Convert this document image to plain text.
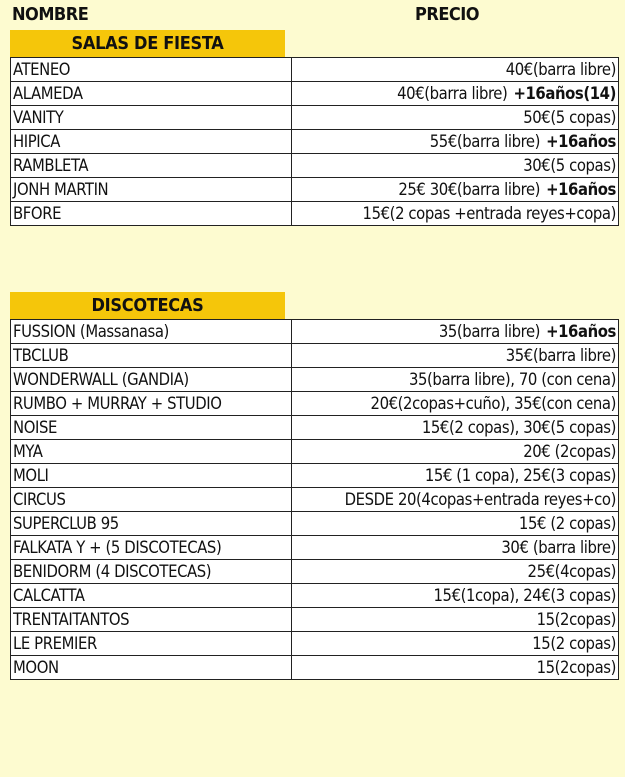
NOMBRE	PRECIO
SALAS DE FIESTA
ATENEO	40€(barra libre)
ALAMEDA	40€(barra libre) +16años(14)
VANITY	50€(5 copas)
HIPICA	55€(barra libre) +16años
RAMBLETA	30€(5 copas)
JONH MARTIN	25€ 30€(barra libre) +16años
BFORE	15€(2 copas +entrada reyes+copa)
DISCOTECAS
FUSSION (Massanasa)	35(barra libre) +16años
TBCLUB	35€(barra libre)
WONDERWALL (GANDIA)	35(barra libre), 70 (con cena)
RUMBO + MURRAY + STUDIO	20€(2copas+cuño), 35€(con cena)
NOISE	15€(2 copas), 30€(5 copas)
MYA	20€ (2copas)
MOLI	15€ (1 copa), 25€(3 copas)
CIRCUS	DESDE 20(4copas+entrada reyes+co)
SUPERCLUB 95	15€ (2 copas)
FALKATA Y + (5 DISCOTECAS)	30€ (barra libre)
BENIDORM (4 DISCOTECAS)	25€(4copas)
CALCATTA	15€(1copa), 24€(3 copas)
TRENTAITANTOS	15(2copas)
LE PREMIER	15(2 copas)
MOON	15(2copas)
